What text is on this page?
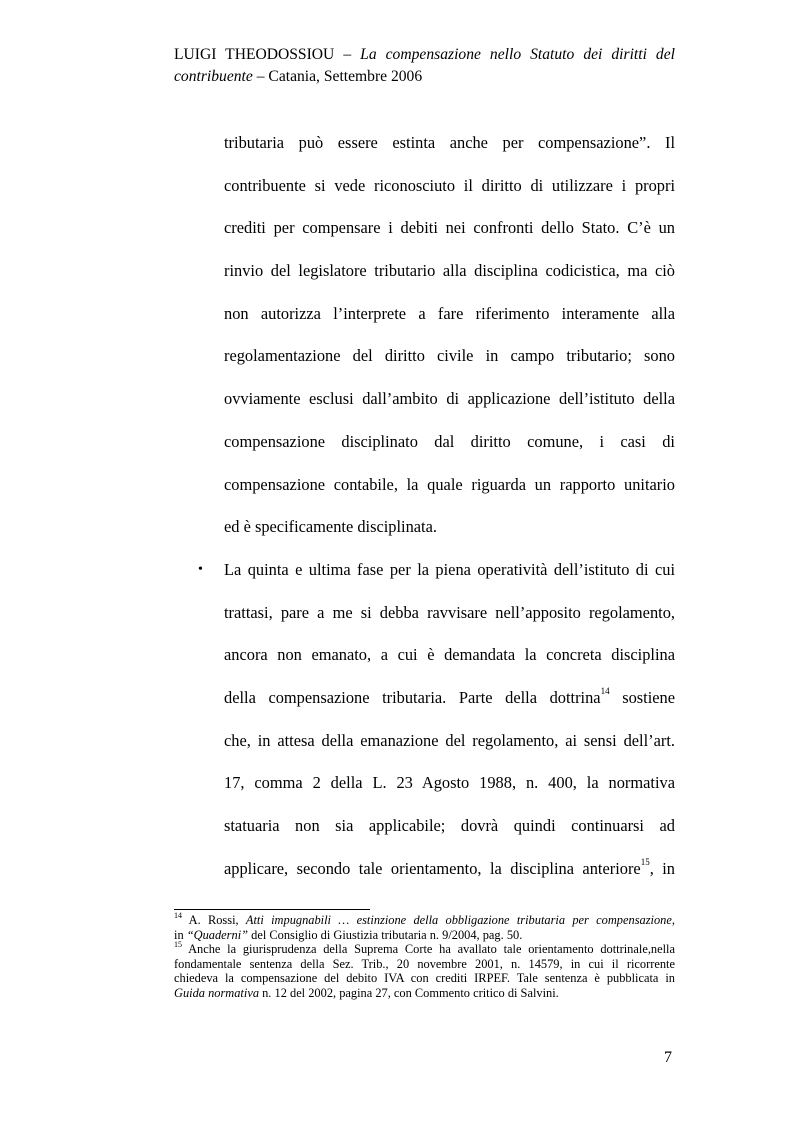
LUIGI THEODOSSIOU – La compensazione nello Statuto dei diritti del
contribuente – Catania, Settembre 2006
tributaria può essere estinta anche per compensazione”. Il
contribuente si vede riconosciuto il diritto di utilizzare i propri
crediti per compensare i debiti nei confronti dello Stato. C’è un
rinvio del legislatore tributario alla disciplina codicistica, ma ciò
non autorizza l’interprete a fare riferimento interamente alla
regolamentazione del diritto civile in campo tributario; sono
ovviamente esclusi dall’ambito di applicazione dell’istituto della
compensazione disciplinato dal diritto comune, i casi di
compensazione contabile, la quale riguarda un rapporto unitario
ed è specificamente disciplinata.
• La quinta e ultima fase per la piena operatività dell’istituto di cui
trattasi, pare a me si debba ravvisare nell’apposito regolamento,
ancora non emanato, a cui è demandata la concreta disciplina
della compensazione tributaria. Parte della dottrina$^{14}$ sostiene
che, in attesa della emanazione del regolamento, ai sensi dell’art.
17, comma 2 della L. 23 Agosto 1988, n. 400, la normativa
statuaria non sia applicabile; dovrà quindi continuarsi ad
applicare, secondo tale orientamento, la disciplina anteriore$^{15}$, in
$^{14}$ A. Rossi, Atti impugnabili … estinzione della obbligazione tributaria per compensazione,
in “Quaderni” del Consiglio di Giustizia tributaria n. 9/2004, pag. 50.
$^{15}$ Anche la giurisprudenza della Suprema Corte ha avallato tale orientamento dottrinale,nella
fondamentale sentenza della Sez. Trib., 20 novembre 2001, n. 14579, in cui il ricorrente
chiedeva la compensazione del debito IVA con crediti IRPEF. Tale sentenza è pubblicata in
Guida normativa n. 12 del 2002, pagina 27, con Commento critico di Salvini.
7
